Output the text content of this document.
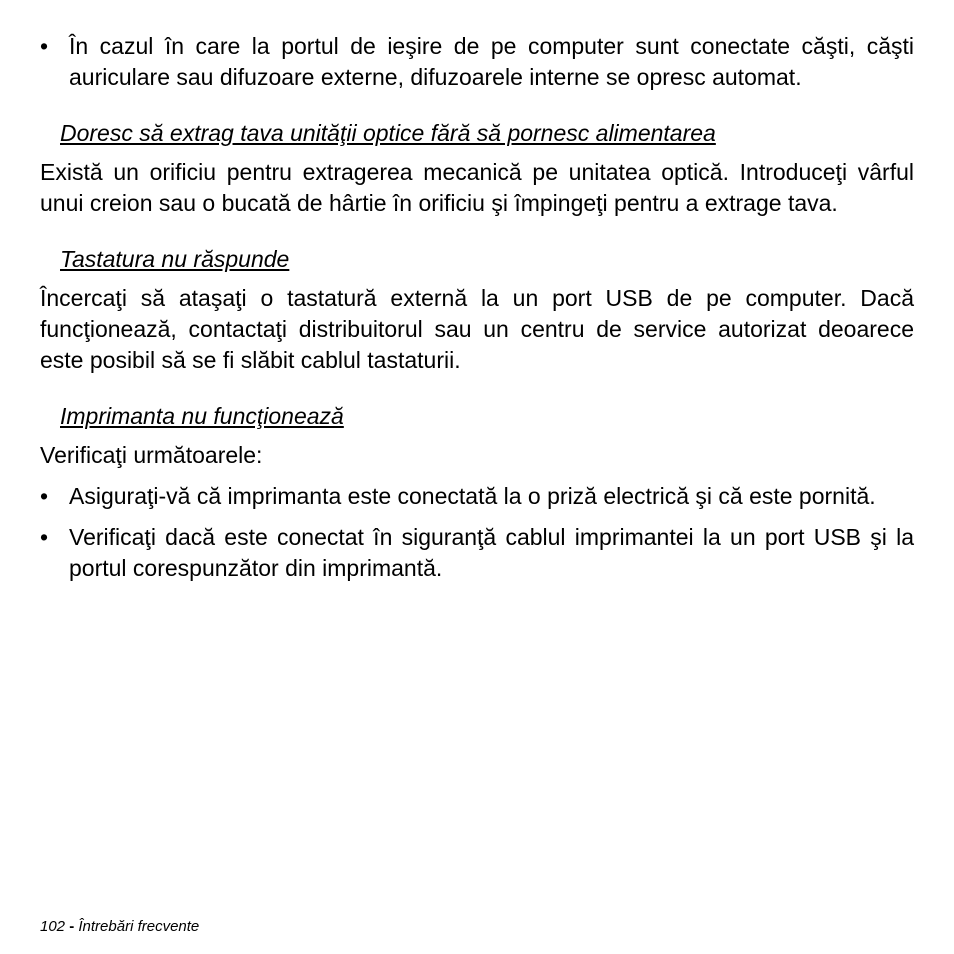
• În cazul în care la portul de ieşire de pe computer sunt conectate căşti, căşti auriculare sau difuzoare externe, difuzoarele interne se opresc automat.
Doresc să extrag tava unităţii optice fără să pornesc alimentarea

Există un orificiu pentru extragerea mecanică pe unitatea optică. Introduceţi vârful unui creion sau o bucată de hârtie în orificiu şi împingeţi pentru a extrage tava.

Tastatura nu răspunde

Încercaţi să ataşaţi o tastatură externă la un port USB de pe computer. Dacă funcţionează, contactaţi distribuitorul sau un centru de service autorizat deoarece este posibil să se fi slăbit cablul tastaturii.

Imprimanta nu funcţionează

Verificaţi următoarele:

• Asiguraţi-vă că imprimanta este conectată la o priză electrică şi că este pornită.
• Verificaţi dacă este conectat în siguranţă cablul imprimantei la un port USB şi la portul corespunzător din imprimantă.
102 - Întrebări frecvente
